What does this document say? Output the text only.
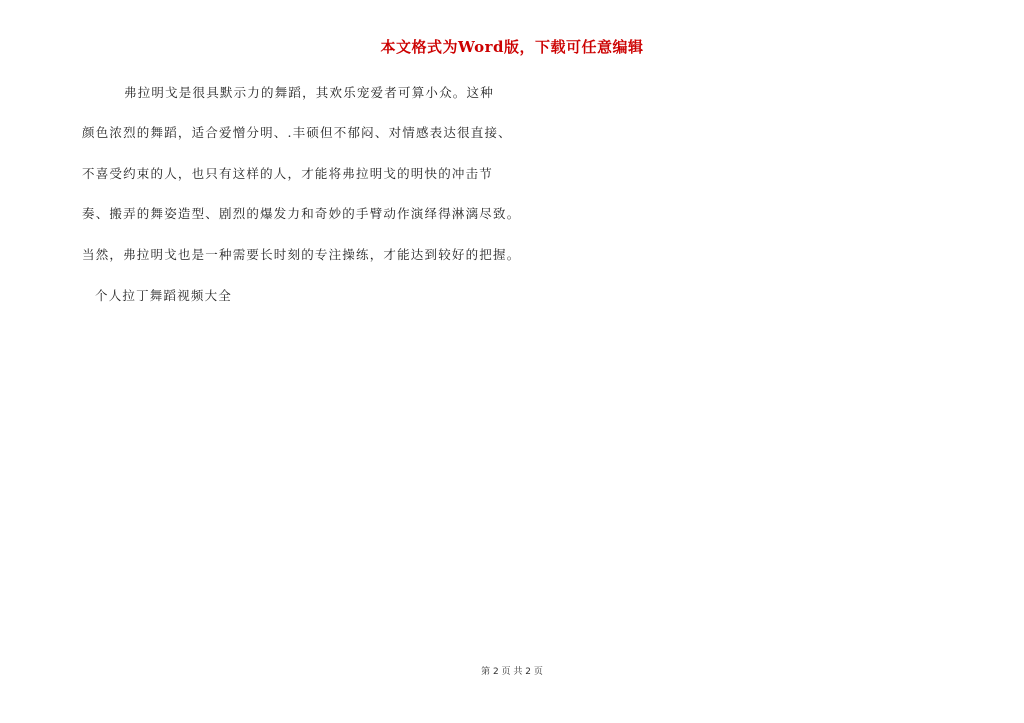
本文格式为Word版，下载可任意编辑
弗拉明戈是很具默示力的舞蹈，其欢乐宠爱者可算小众。这种
颜色浓烈的舞蹈，适合爱憎分明、.丰硕但不郁闷、对情感表达很直接、
不喜受约束的人，也只有这样的人，才能将弗拉明戈的明快的冲击节
奏、搬弄的舞姿造型、剧烈的爆发力和奇妙的手臂动作演绎得淋漓尽致。
当然，弗拉明戈也是一种需要长时刻的专注操练，才能达到较好的把握。
个人拉丁舞蹈视频大全
第 2 页 共 2 页
